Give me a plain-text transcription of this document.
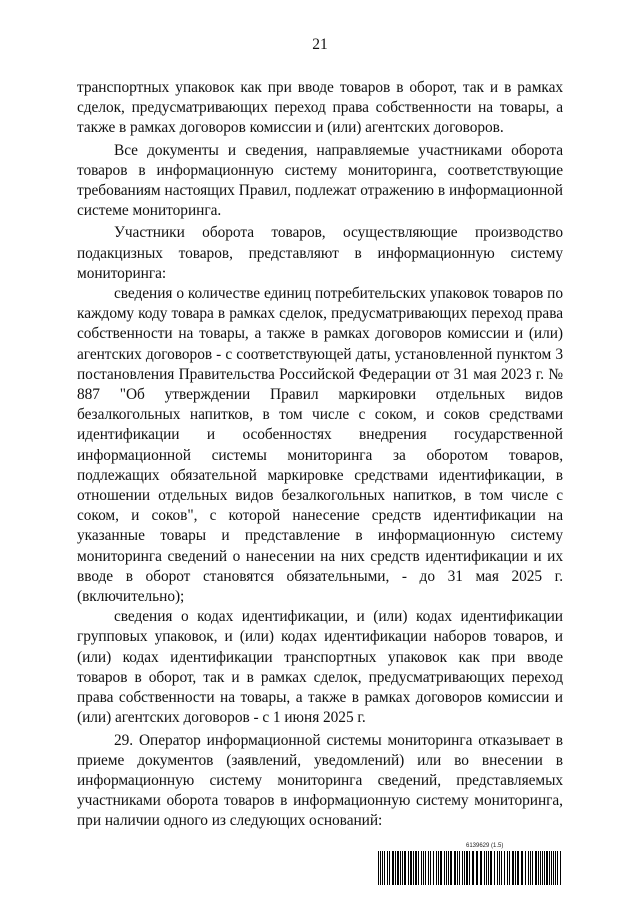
21

транспортных упаковок как при вводе товаров в оборот, так и в рамках сделок, предусматривающих переход права собственности на товары, а также в рамках договоров комиссии и (или) агентских договоров.

Все документы и сведения, направляемые участниками оборота товаров в информационную систему мониторинга, соответствующие требованиям настоящих Правил, подлежат отражению в информационной системе мониторинга.

Участники оборота товаров, осуществляющие производство подакцизных товаров, представляют в информационную систему мониторинга:

сведения о количестве единиц потребительских упаковок товаров по каждому коду товара в рамках сделок, предусматривающих переход права собственности на товары, а также в рамках договоров комиссии и (или) агентских договоров - с соответствующей даты, установленной пунктом 3 постановления Правительства Российской Федерации от 31 мая 2023 г. № 887 "Об утверждении Правил маркировки отдельных видов безалкогольных напитков, в том числе с соком, и соков средствами идентификации и особенностях внедрения государственной информационной системы мониторинга за оборотом товаров, подлежащих обязательной маркировке средствами идентификации, в отношении отдельных видов безалкогольных напитков, в том числе с соком, и соков", с которой нанесение средств идентификации на указанные товары и представление в информационную систему мониторинга сведений о нанесении на них средств идентификации и их вводе в оборот становятся обязательными, - до 31 мая 2025 г. (включительно);

сведения о кодах идентификации, и (или) кодах идентификации групповых упаковок, и (или) кодах идентификации наборов товаров, и (или) кодах идентификации транспортных упаковок как при вводе товаров в оборот, так и в рамках сделок, предусматривающих переход права собственности на товары, а также в рамках договоров комиссии и (или) агентских договоров - с 1 июня 2025 г.

29. Оператор информационной системы мониторинга отказывает в приеме документов (заявлений, уведомлений) или во внесении в информационную систему мониторинга сведений, представляемых участниками оборота товаров в информационную систему мониторинга, при наличии одного из следующих оснований:

6139629 (1.5)
